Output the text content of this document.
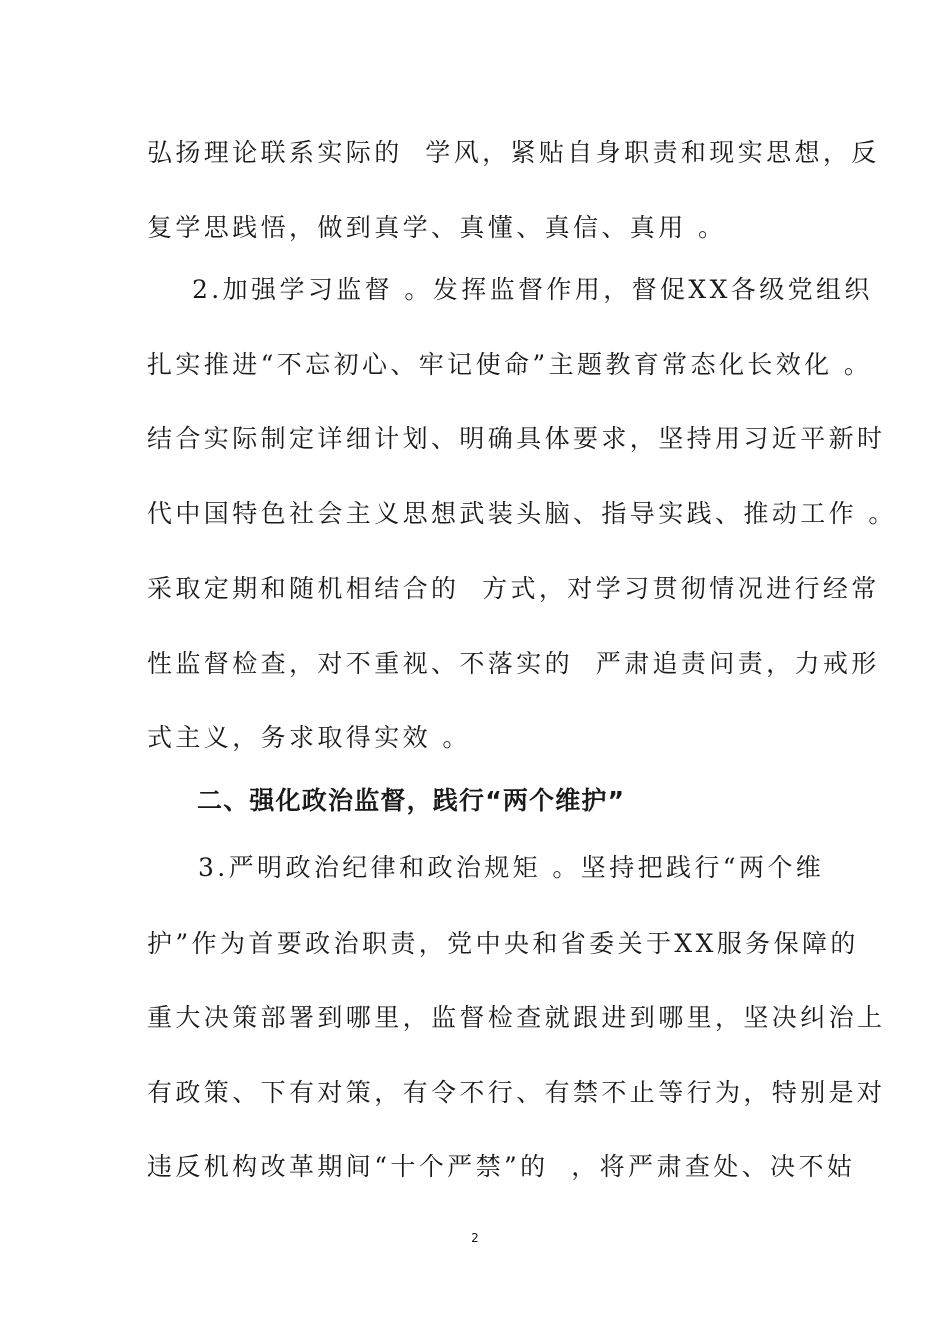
弘扬理论联系实际的  学风，紧贴自身职责和现实思想，反
复学思践悟，做到真学、真懂、真信、真用 。
2.加强学习监督 。发挥监督作用，督促XX各级党组织
扎实推进“不忘初心、牢记使命”主题教育常态化长效化 。
结合实际制定详细计划、明确具体要求，坚持用习近平新时
代中国特色社会主义思想武装头脑、指导实践、推动工作 。
采取定期和随机相结合的  方式，对学习贯彻情况进行经常
性监督检查，对不重视、不落实的  严肃追责问责，力戒形
式主义，务求取得实效 。
二、强化政治监督，践行“两个维护”
3.严明政治纪律和政治规矩 。坚持把践行“两个维
护”作为首要政治职责，党中央和省委关于XX服务保障的
重大决策部署到哪里，监督检查就跟进到哪里，坚决纠治上
有政策、下有对策，有令不行、有禁不止等行为，特别是对
违反机构改革期间“十个严禁”的  ，将严肃查处、决不姑
2
